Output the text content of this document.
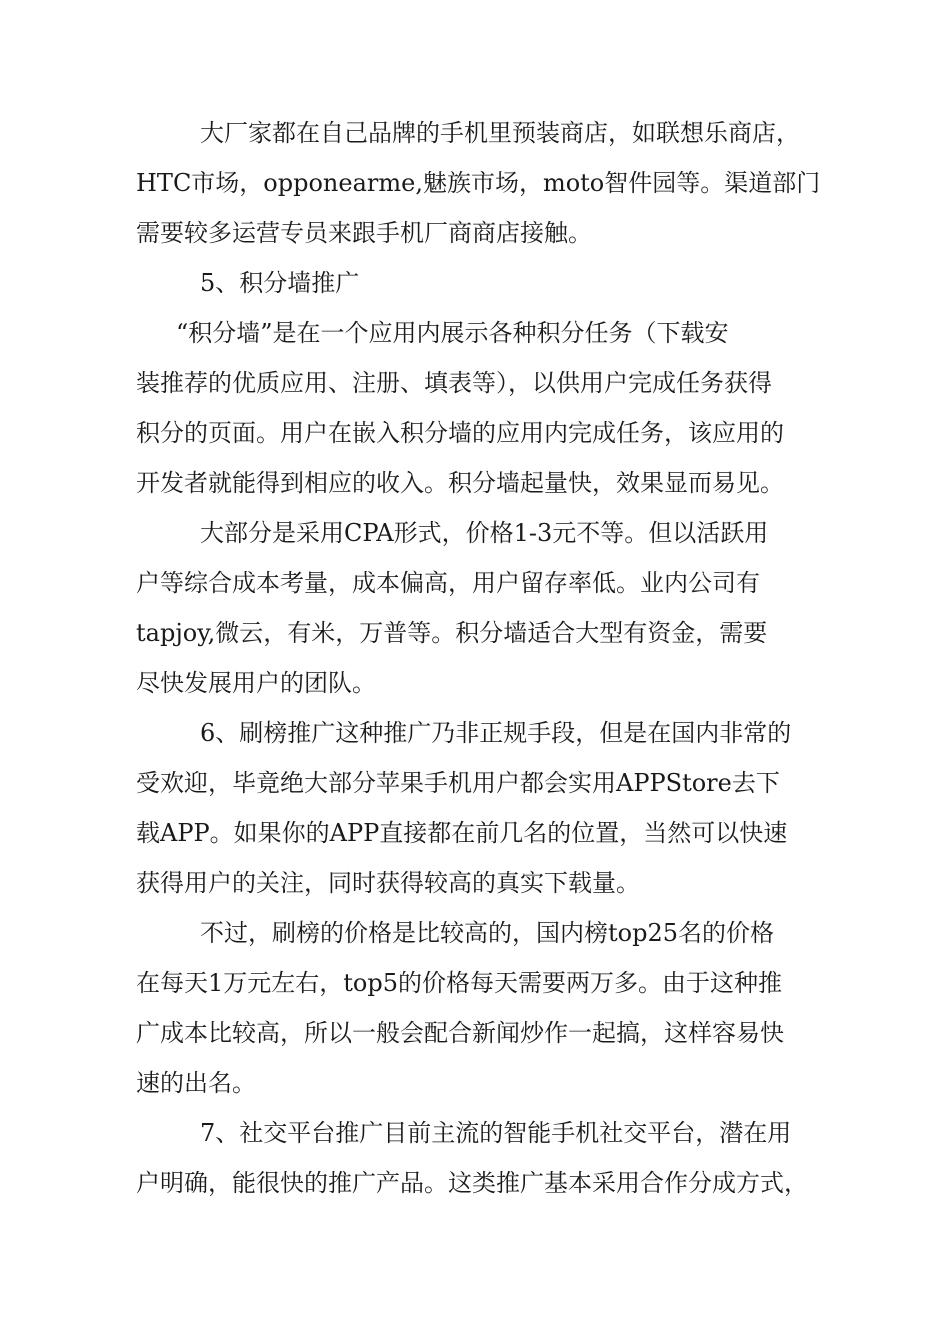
大厂家都在自己品牌的手机里预装商店，如联想乐商店，
HTC市场，opponearme,魅族市场，moto智件园等。渠道部门
需要较多运营专员来跟手机厂商商店接触。
5、积分墙推广
“积分墙”是在一个应用内展示各种积分任务（下载安
装推荐的优质应用、注册、填表等），以供用户完成任务获得
积分的页面。用户在嵌入积分墙的应用内完成任务，该应用的
开发者就能得到相应的收入。积分墙起量快，效果显而易见。
大部分是采用CPA形式，价格1-3元不等。但以活跃用
户等综合成本考量，成本偏高，用户留存率低。业内公司有
tapjoy,微云，有米，万普等。积分墙适合大型有资金，需要
尽快发展用户的团队。
6、刷榜推广这种推广乃非正规手段，但是在国内非常的
受欢迎，毕竟绝大部分苹果手机用户都会实用APPStore去下
载APP。如果你的APP直接都在前几名的位置，当然可以快速
获得用户的关注，同时获得较高的真实下载量。
不过，刷榜的价格是比较高的，国内榜top25名的价格
在每天1万元左右，top5的价格每天需要两万多。由于这种推
广成本比较高，所以一般会配合新闻炒作一起搞，这样容易快
速的出名。
7、社交平台推广目前主流的智能手机社交平台，潜在用
户明确，能很快的推广产品。这类推广基本采用合作分成方式，
